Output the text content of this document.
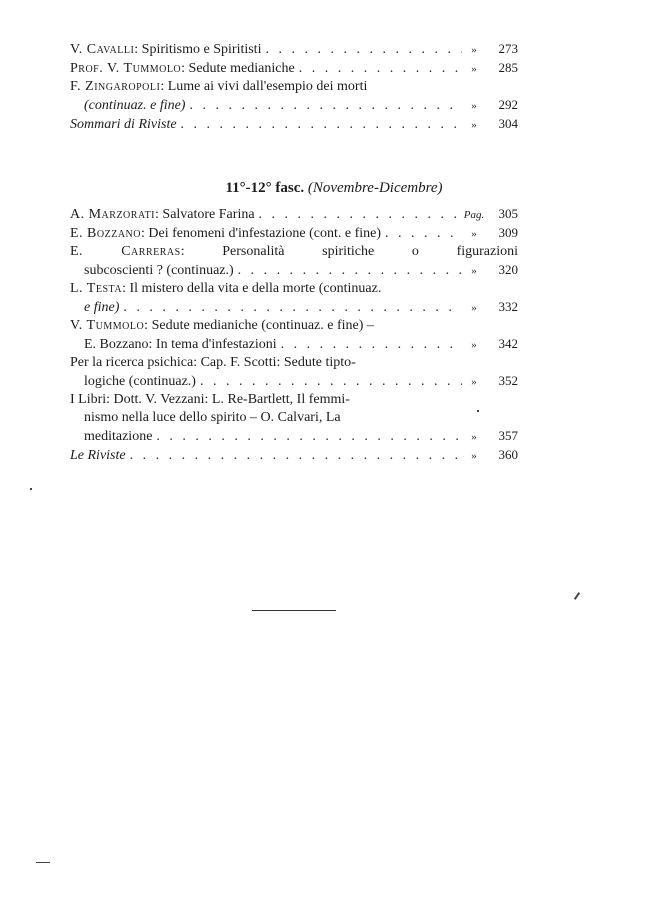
V. Cavalli: Spiritismo e Spiritisti . . .	»	273
Prof. V. Tummolo: Sedute medianiche . . .	»	285
F. Zingaropoli: Lume ai vivi dall'esempio dei morti
(continuaz. e fine) . . .	»	292
Sommari di Riviste . . .	»	304
11°-12° fasc. (Novembre-Dicembre)
A. Marzorati: Salvatore Farina . . .	Pag.	305
E. Bozzano: Dei fenomeni d'infestazione (cont. e fine) . . .	»	309
E. Carreras: Personalità spiritiche o figurazioni
subcoscienti ? (continuaz.) . . .	»	320
L. Testa: Il mistero della vita e della morte (continuaz.
e fine) . . .	»	332
V. Tummolo: Sedute medianiche (continuaz. e fine) –
E. Bozzano: In tema d'infestazioni . . .	»	342
Per la ricerca psichica: Cap. F. Scotti: Sedute tipto-
logiche (continuaz.) . . .	»	352
I Libri: Dott. V. Vezzani: L. Re-Bartlett, Il femmi-
nismo nella luce dello spirito – O. Calvari, La
meditazione . . .	»	357
Le Riviste . . .	»	360
